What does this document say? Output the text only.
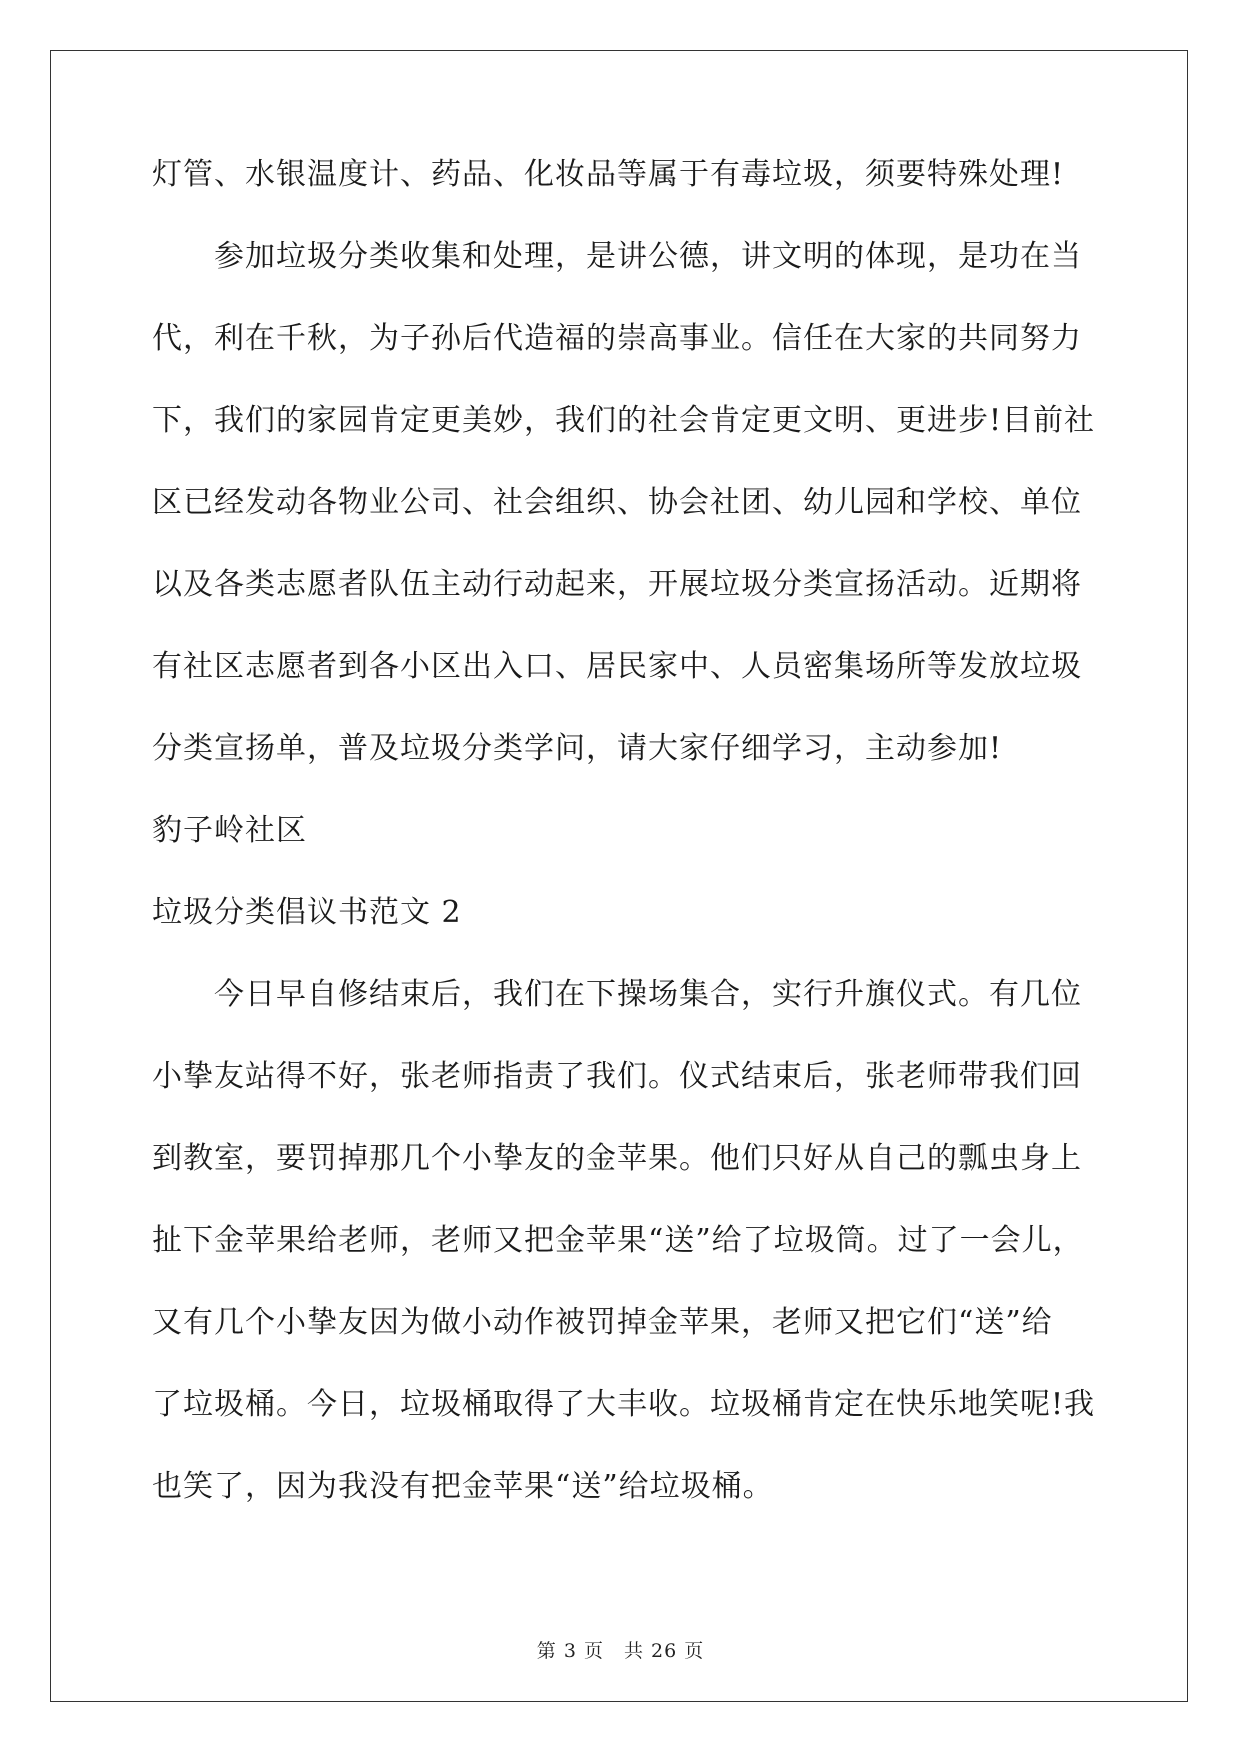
灯管、水银温度计、药品、化妆品等属于有毒垃圾，须要特殊处理!
参加垃圾分类收集和处理，是讲公德，讲文明的体现，是功在当
代，利在千秋，为子孙后代造福的崇高事业。信任在大家的共同努力
下，我们的家园肯定更美妙，我们的社会肯定更文明、更进步!目前社
区已经发动各物业公司、社会组织、协会社团、幼儿园和学校、单位
以及各类志愿者队伍主动行动起来，开展垃圾分类宣扬活动。近期将
有社区志愿者到各小区出入口、居民家中、人员密集场所等发放垃圾
分类宣扬单，普及垃圾分类学问，请大家仔细学习，主动参加!
豹子岭社区
垃圾分类倡议书范文 2
今日早自修结束后，我们在下操场集合，实行升旗仪式。有几位
小挚友站得不好，张老师指责了我们。仪式结束后，张老师带我们回
到教室，要罚掉那几个小挚友的金苹果。他们只好从自己的瓢虫身上
扯下金苹果给老师，老师又把金苹果“送”给了垃圾筒。过了一会儿，
又有几个小挚友因为做小动作被罚掉金苹果，老师又把它们“送”给
了垃圾桶。今日，垃圾桶取得了大丰收。垃圾桶肯定在快乐地笑呢!我
也笑了，因为我没有把金苹果“送”给垃圾桶。
第 3 页　共 26 页
